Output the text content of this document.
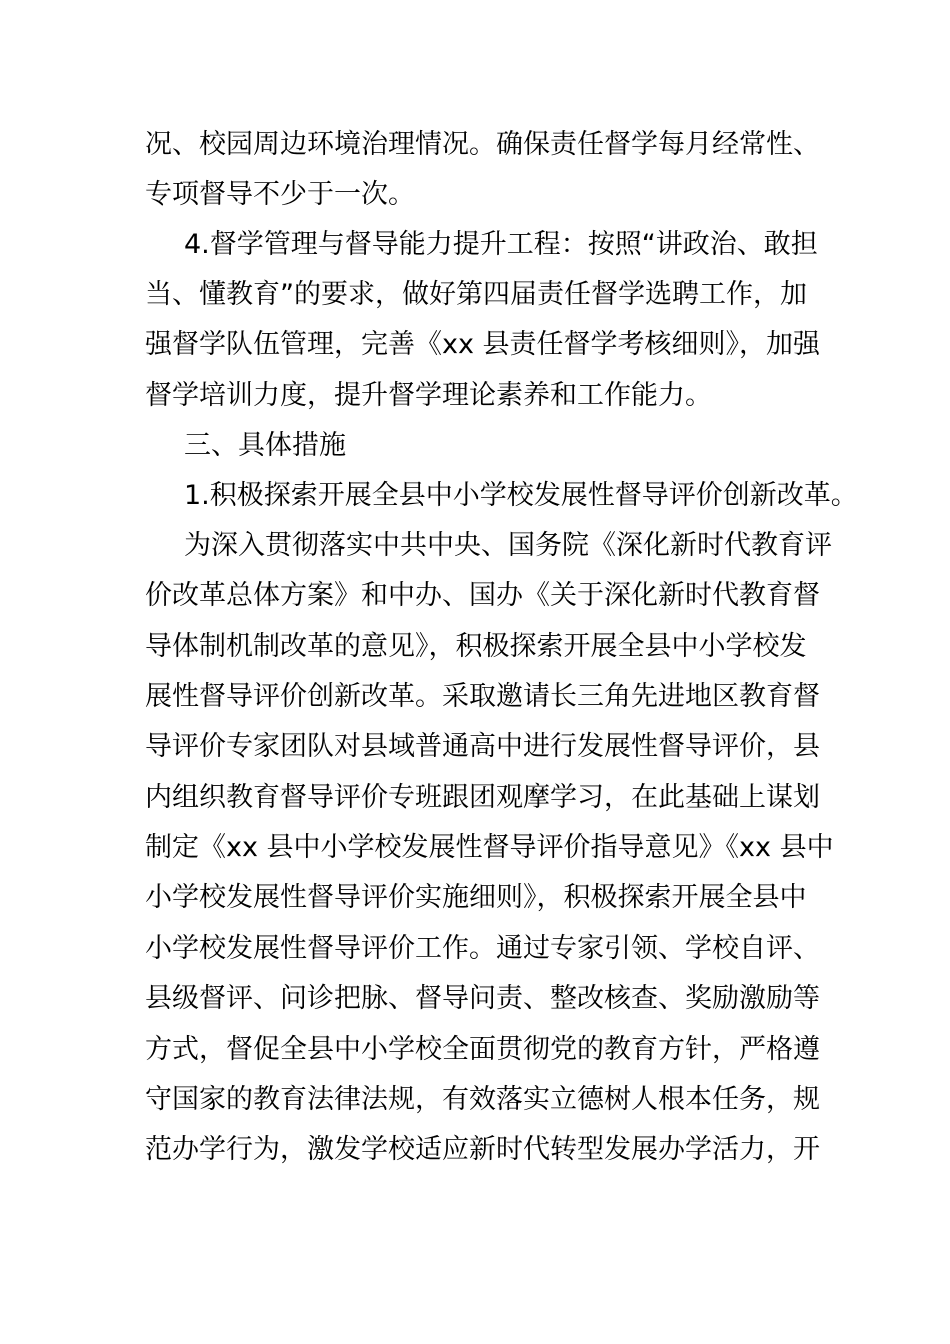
况、校园周边环境治理情况。确保责任督学每月经常性、
专项督导不少于一次。
4.督学管理与督导能力提升工程：按照“讲政治、敢担
当、懂教育”的要求，做好第四届责任督学选聘工作，加
强督学队伍管理，完善《xx 县责任督学考核细则》，加强
督学培训力度，提升督学理论素养和工作能力。
三、具体措施
1.积极探索开展全县中小学校发展性督导评价创新改革。
为深入贯彻落实中共中央、国务院《深化新时代教育评
价改革总体方案》和中办、国办《关于深化新时代教育督
导体制机制改革的意见》，积极探索开展全县中小学校发
展性督导评价创新改革。采取邀请长三角先进地区教育督
导评价专家团队对县域普通高中进行发展性督导评价，县
内组织教育督导评价专班跟团观摩学习，在此基础上谋划
制定《xx 县中小学校发展性督导评价指导意见》《xx 县中
小学校发展性督导评价实施细则》，积极探索开展全县中
小学校发展性督导评价工作。通过专家引领、学校自评、
县级督评、问诊把脉、督导问责、整改核查、奖励激励等
方式，督促全县中小学校全面贯彻党的教育方针，严格遵
守国家的教育法律法规，有效落实立德树人根本任务，规
范办学行为，激发学校适应新时代转型发展办学活力，开
